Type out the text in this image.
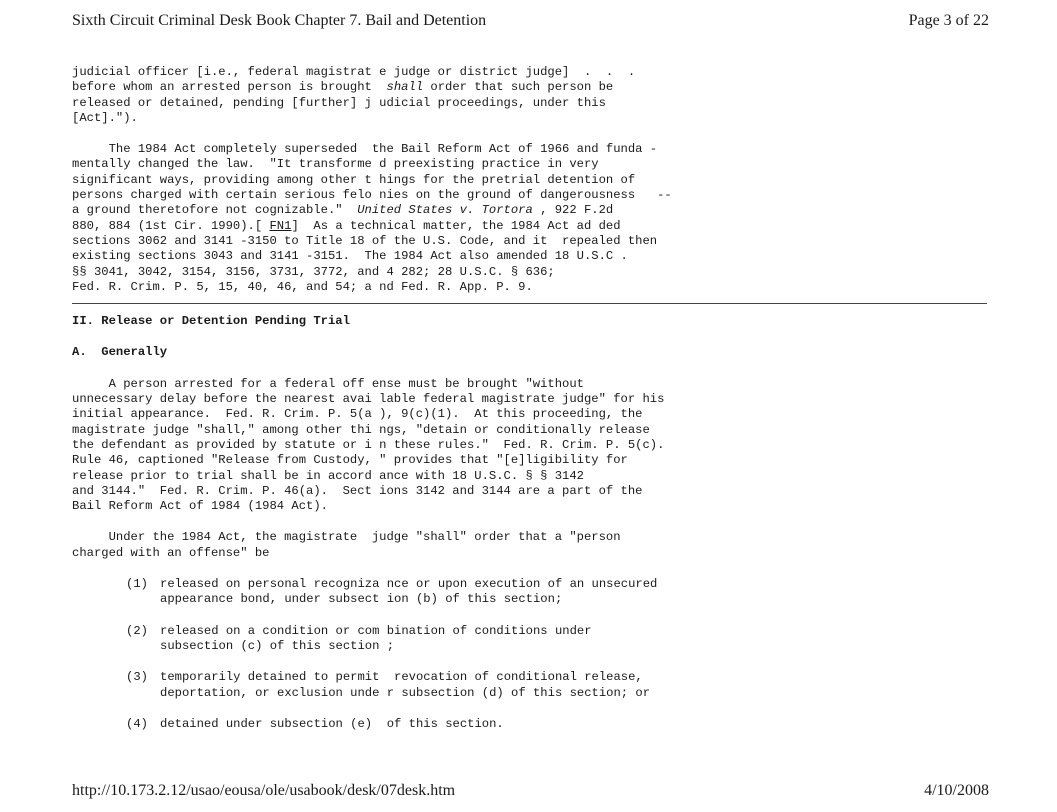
Sixth Circuit Criminal Desk Book Chapter 7. Bail and Detention	Page 3 of 22
judicial officer [i.e., federal magistrat e judge or district judge]  .  .  .
before whom an arrested person is brought  shall order that such person be
released or detained, pending [further] j udicial proceedings, under this
[Act].").
The 1984 Act completely superseded  the Bail Reform Act of 1966 and funda -
mentally changed the law.  "It transforme d preexisting practice in very
significant ways, providing among other t hings for the pretrial detention of
persons charged with certain serious felo nies on the ground of dangerousness   --
a ground theretofore not cognizable."  United States v. Tortora , 922 F.2d
880, 884 (1st Cir. 1990).[ FN1]  As a technical matter, the 1984 Act ad ded
sections 3062 and 3141 -3150 to Title 18 of the U.S. Code, and it  repealed then
existing sections 3043 and 3141 -3151.  The 1984 Act also amended 18 U.S.C .
§§ 3041, 3042, 3154, 3156, 3731, 3772, and 4 282; 28 U.S.C. § 636;
Fed. R. Crim. P. 5, 15, 40, 46, and 54; a nd Fed. R. App. P. 9.
II. Release or Detention Pending Trial
A.  Generally
A person arrested for a federal off ense must be brought "without
unnecessary delay before the nearest avai lable federal magistrate judge" for his
initial appearance.  Fed. R. Crim. P. 5(a ), 9(c)(1).  At this proceeding, the
magistrate judge "shall," among other thi ngs, "detain or conditionally release
the defendant as provided by statute or i n these rules."  Fed. R. Crim. P. 5(c).
Rule 46, captioned "Release from Custody, " provides that "[e]ligibility for
release prior to trial shall be in accord ance with 18 U.S.C. § § 3142
and 3144."  Fed. R. Crim. P. 46(a).  Sect ions 3142 and 3144 are a part of the
Bail Reform Act of 1984 (1984 Act).
Under the 1984 Act, the magistrate  judge "shall" order that a "person
charged with an offense" be
(1) released on personal recogniza nce or upon execution of an unsecured
appearance bond, under subsect ion (b) of this section;
(2) released on a condition or com bination of conditions under
subsection (c) of this section ;
(3) temporarily detained to permit  revocation of conditional release,
deportation, or exclusion unde r subsection (d) of this section; or
(4) detained under subsection (e)  of this section.
http://10.173.2.12/usao/eousa/ole/usabook/desk/07desk.htm	4/10/2008
